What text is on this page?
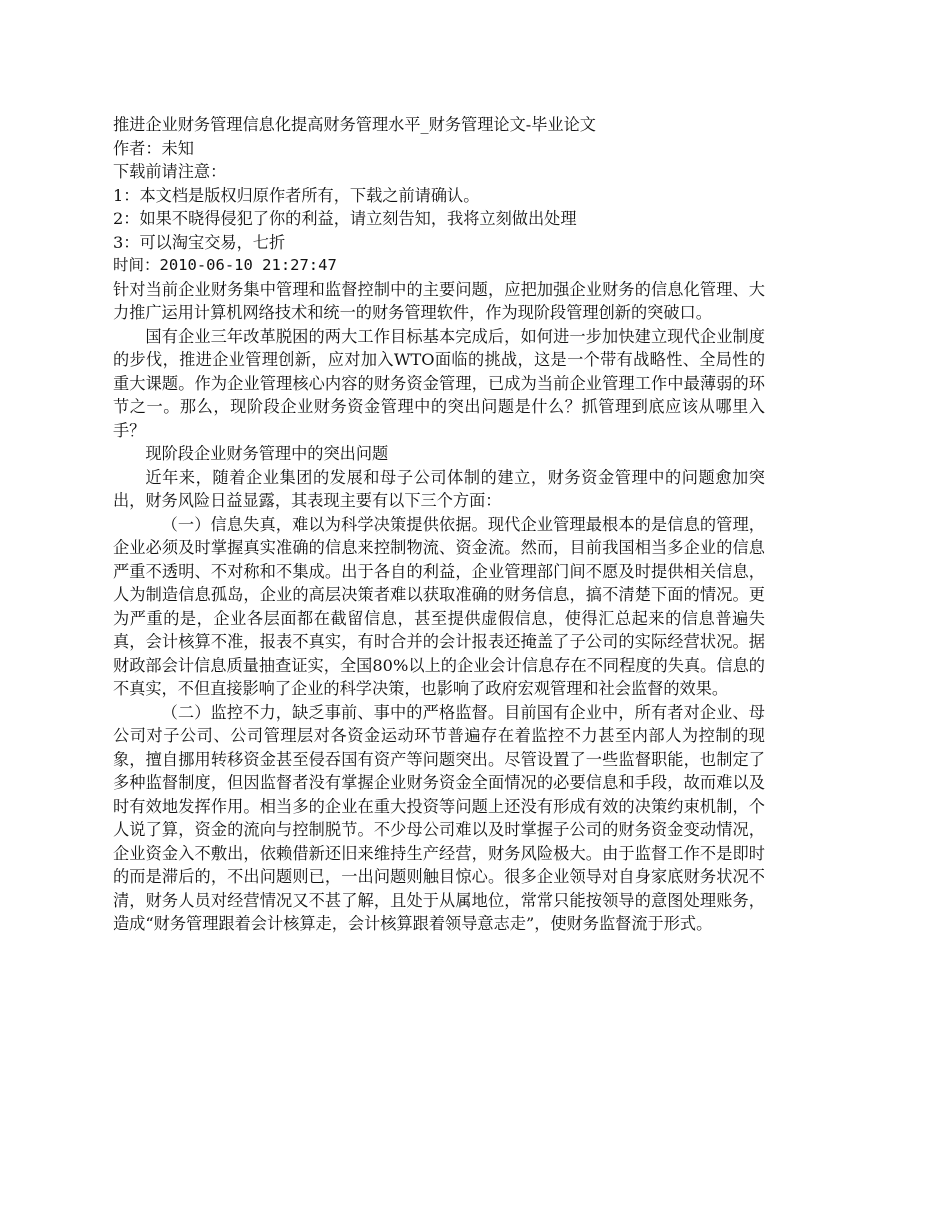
推进企业财务管理信息化提高财务管理水平_财务管理论文-毕业论文

作者：未知

下载前请注意：

1：本文档是版权归原作者所有，下载之前请确认。

2：如果不晓得侵犯了你的利益，请立刻告知，我将立刻做出处理

3：可以淘宝交易，七折

时间：2010-06-10 21:27:47

针对当前企业财务集中管理和监督控制中的主要问题，应把加强企业财务的信息化管理、大力推广运用计算机网络技术和统一的财务管理软件，作为现阶段管理创新的突破口。

国有企业三年改革脱困的两大工作目标基本完成后，如何进一步加快建立现代企业制度的步伐，推进企业管理创新，应对加入WTO面临的挑战，这是一个带有战略性、全局性的重大课题。作为企业管理核心内容的财务资金管理，已成为当前企业管理工作中最薄弱的环节之一。那么，现阶段企业财务资金管理中的突出问题是什么？抓管理到底应该从哪里入手？

现阶段企业财务管理中的突出问题

近年来，随着企业集团的发展和母子公司体制的建立，财务资金管理中的问题愈加突出，财务风险日益显露，其表现主要有以下三个方面：

（一）信息失真，难以为科学决策提供依据。现代企业管理最根本的是信息的管理，企业必须及时掌握真实准确的信息来控制物流、资金流。然而，目前我国相当多企业的信息严重不透明、不对称和不集成。出于各自的利益，企业管理部门间不愿及时提供相关信息，人为制造信息孤岛，企业的高层决策者难以获取准确的财务信息，搞不清楚下面的情况。更为严重的是，企业各层面都在截留信息，甚至提供虚假信息，使得汇总起来的信息普遍失真，会计核算不准，报表不真实，有时合并的会计报表还掩盖了子公司的实际经营状况。据财政部会计信息质量抽查证实，全国80%以上的企业会计信息存在不同程度的失真。信息的不真实，不但直接影响了企业的科学决策，也影响了政府宏观管理和社会监督的效果。

（二）监控不力，缺乏事前、事中的严格监督。目前国有企业中，所有者对企业、母公司对子公司、公司管理层对各资金运动环节普遍存在着监控不力甚至内部人为控制的现象，擅自挪用转移资金甚至侵吞国有资产等问题突出。尽管设置了一些监督职能，也制定了多种监督制度，但因监督者没有掌握企业财务资金全面情况的必要信息和手段，故而难以及时有效地发挥作用。相当多的企业在重大投资等问题上还没有形成有效的决策约束机制，个人说了算，资金的流向与控制脱节。不少母公司难以及时掌握子公司的财务资金变动情况，企业资金入不敷出，依赖借新还旧来维持生产经营，财务风险极大。由于监督工作不是即时的而是滞后的，不出问题则已，一出问题则触目惊心。很多企业领导对自身家底财务状况不清，财务人员对经营情况又不甚了解，且处于从属地位，常常只能按领导的意图处理账务，造成“财务管理跟着会计核算走，会计核算跟着领导意志走”，使财务监督流于形式。
